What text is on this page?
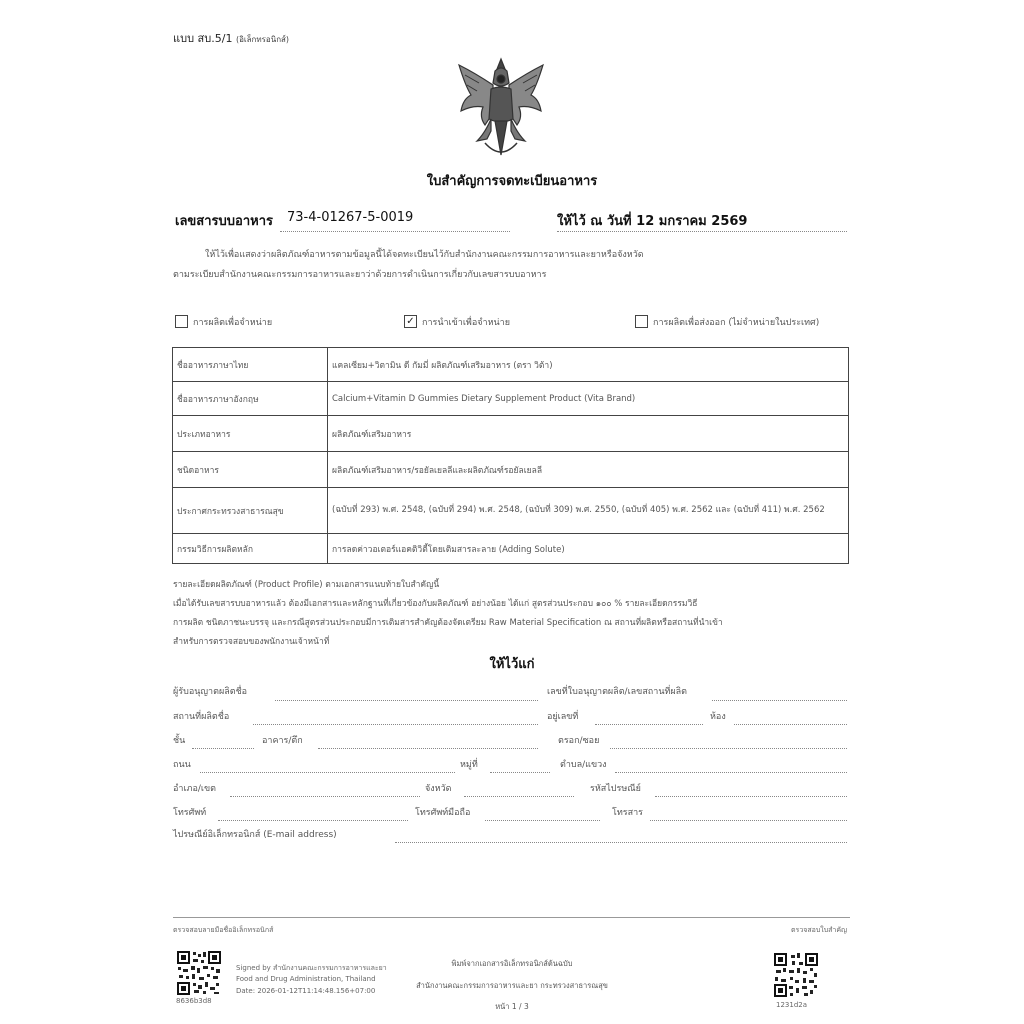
แบบ สบ.5/1 (อิเล็กทรอนิกส์)
ใบสำคัญการจดทะเบียนอาหาร
เลขสารบบอาหาร 73-4-01267-5-0019	ให้ไว้ ณ วันที่ 12 มกราคม 2569
ให้ไว้เพื่อแสดงว่าผลิตภัณฑ์อาหารตามข้อมูลนี้ได้จดทะเบียนไว้กับสำนักงานคณะกรรมการอาหารและยาหรือจังหวัด
ตามระเบียบสำนักงานคณะกรรมการอาหารและยาว่าด้วยการดำเนินการเกี่ยวกับเลขสารบบอาหาร
การผลิตเพื่อจำหน่าย	✓ การนำเข้าเพื่อจำหน่าย	การผลิตเพื่อส่งออก (ไม่จำหน่ายในประเทศ)
ชื่ออาหารภาษาไทย	แคลเซียม+วิตามิน ดี กัมมี่ ผลิตภัณฑ์เสริมอาหาร (ตรา วิต้า)
ชื่ออาหารภาษาอังกฤษ	Calcium+Vitamin D Gummies Dietary Supplement Product (Vita Brand)
ประเภทอาหาร	ผลิตภัณฑ์เสริมอาหาร
ชนิดอาหาร	ผลิตภัณฑ์เสริมอาหาร/รอยัลเยลลีและผลิตภัณฑ์รอยัลเยลลี
ประกาศกระทรวงสาธารณสุข	(ฉบับที่ 293) พ.ศ. 2548, (ฉบับที่ 294) พ.ศ. 2548, (ฉบับที่ 309) พ.ศ. 2550, (ฉบับที่ 405) พ.ศ. 2562 และ (ฉบับที่ 411) พ.ศ. 2562
กรรมวิธีการผลิตหลัก	การลดค่าวอเตอร์แอคติวิตี้โดยเติมสารละลาย (Adding Solute)
รายละเอียดผลิตภัณฑ์ (Product Profile) ตามเอกสารแนบท้ายใบสำคัญนี้
เมื่อได้รับเลขสารบบอาหารแล้ว ต้องมีเอกสารและหลักฐานที่เกี่ยวข้องกับผลิตภัณฑ์ อย่างน้อย ได้แก่ สูตรส่วนประกอบ ๑๐๐ % รายละเอียดกรรมวิธี
การผลิต ชนิดภาชนะบรรจุ และกรณีสูตรส่วนประกอบมีการเติมสารสำคัญต้องจัดเตรียม Raw Material Specification ณ สถานที่ผลิตหรือสถานที่นำเข้า
สำหรับการตรวจสอบของพนักงานเจ้าหน้าที่
ให้ไว้แก่
ผู้รับอนุญาตผลิตชื่อ	เลขที่ใบอนุญาตผลิต/เลขสถานที่ผลิต
สถานที่ผลิตชื่อ	อยู่เลขที่	ห้อง
ชั้น	อาคาร/ตึก	ตรอก/ซอย
ถนน	หมู่ที่	ตำบล/แขวง
อำเภอ/เขต	จังหวัด	รหัสไปรษณีย์
โทรศัพท์	โทรศัพท์มือถือ	โทรสาร
ไปรษณีย์อิเล็กทรอนิกส์ (E-mail address)
ตรวจสอบลายมือชื่ออิเล็กทรอนิกส์	ตรวจสอบใบสำคัญ
8636b3d8
Signed by สำนักงานคณะกรรมการอาหารและยา
Food and Drug Administration, Thailand
Date: 2026-01-12T11:14:48.156+07:00
พิมพ์จากเอกสารอิเล็กทรอนิกส์ต้นฉบับ
สำนักงานคณะกรรมการอาหารและยา กระทรวงสาธารณสุข
หน้า 1 / 3	1231d2a
